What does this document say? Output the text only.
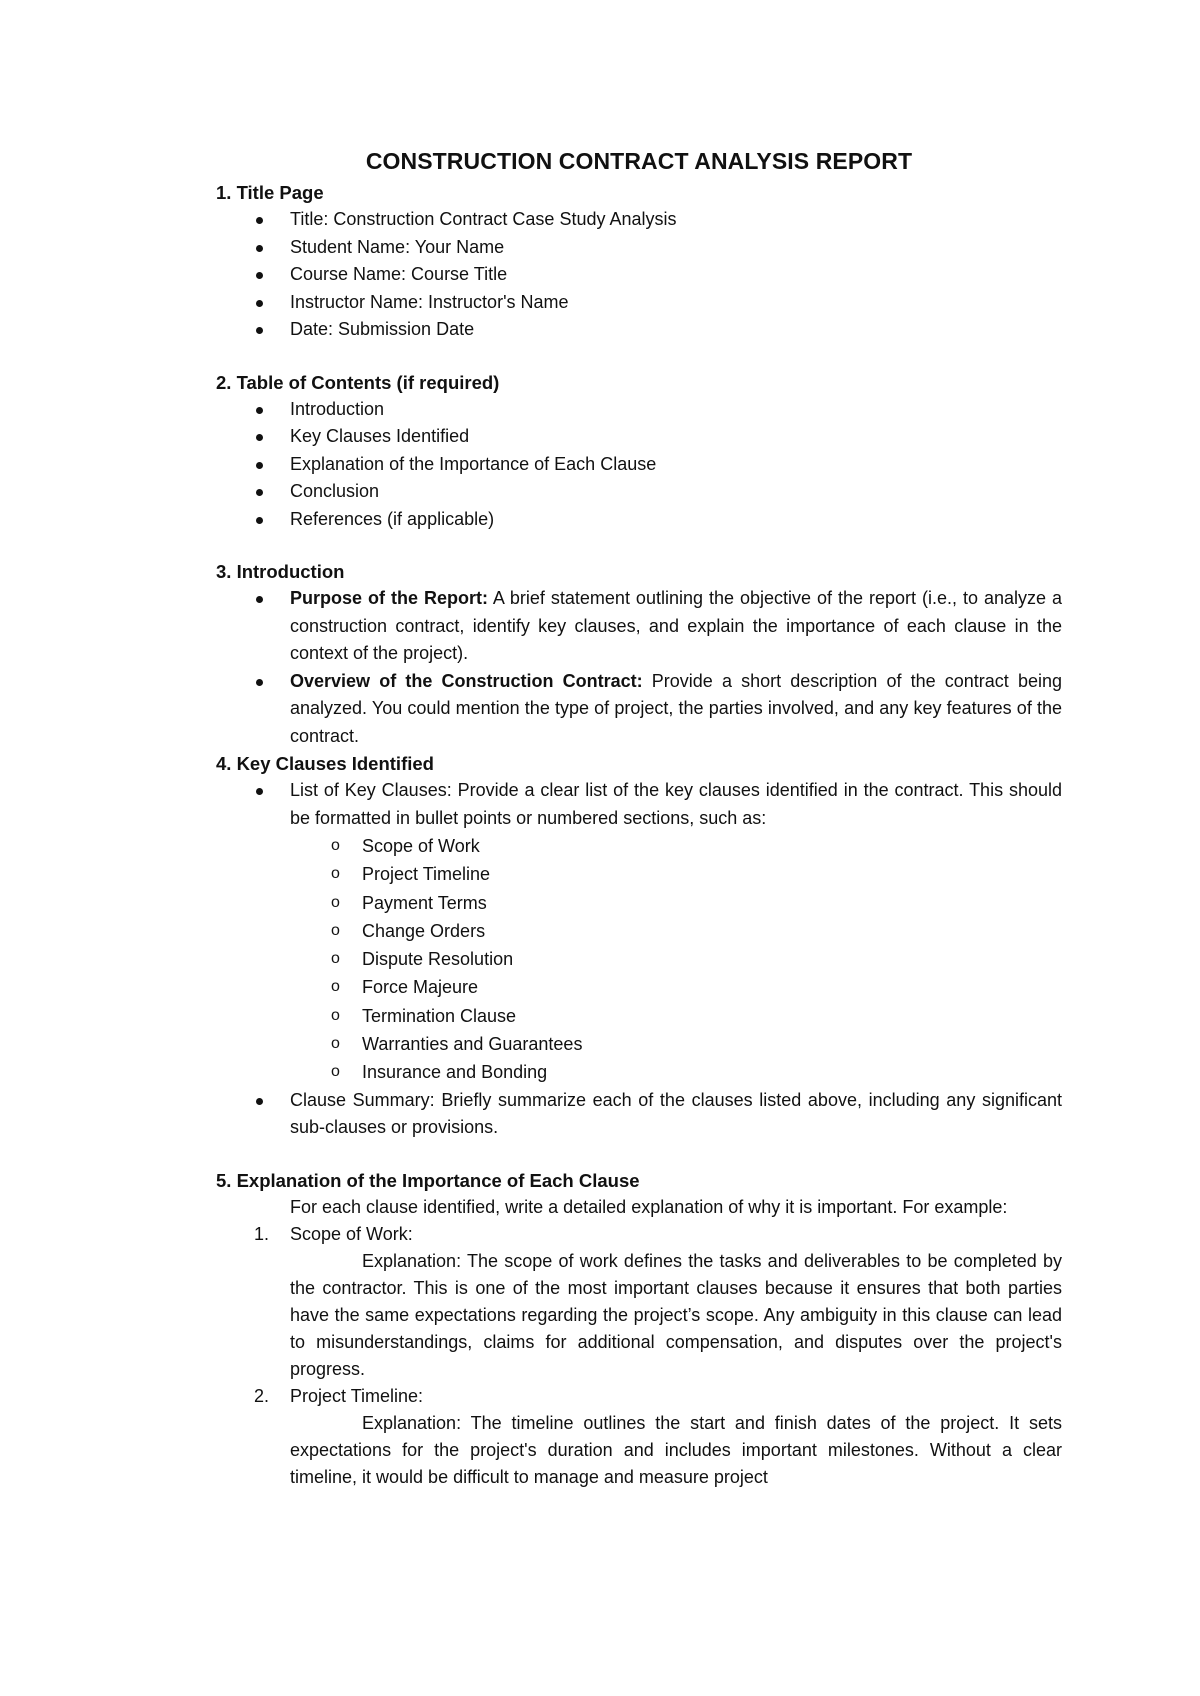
CONSTRUCTION CONTRACT ANALYSIS REPORT
1. Title Page
Title: Construction Contract Case Study Analysis
Student Name: Your Name
Course Name: Course Title
Instructor Name: Instructor's Name
Date: Submission Date
2. Table of Contents (if required)
Introduction
Key Clauses Identified
Explanation of the Importance of Each Clause
Conclusion
References (if applicable)
3. Introduction
Purpose of the Report: A brief statement outlining the objective of the report (i.e., to analyze a construction contract, identify key clauses, and explain the importance of each clause in the context of the project).
Overview of the Construction Contract: Provide a short description of the contract being analyzed. You could mention the type of project, the parties involved, and any key features of the contract.
4. Key Clauses Identified
List of Key Clauses: Provide a clear list of the key clauses identified in the contract. This should be formatted in bullet points or numbered sections, such as:
o Scope of Work
o Project Timeline
o Payment Terms
o Change Orders
o Dispute Resolution
o Force Majeure
o Termination Clause
o Warranties and Guarantees
o Insurance and Bonding
Clause Summary: Briefly summarize each of the clauses listed above, including any significant sub-clauses or provisions.
5. Explanation of the Importance of Each Clause

For each clause identified, write a detailed explanation of why it is important. For example:

1. Scope of Work:

Explanation: The scope of work defines the tasks and deliverables to be completed by the contractor. This is one of the most important clauses because it ensures that both parties have the same expectations regarding the project’s scope. Any ambiguity in this clause can lead to misunderstandings, claims for additional compensation, and disputes over the project's progress.

2. Project Timeline:

Explanation: The timeline outlines the start and finish dates of the project. It sets expectations for the project's duration and includes important milestones. Without a clear timeline, it would be difficult to manage and measure project
